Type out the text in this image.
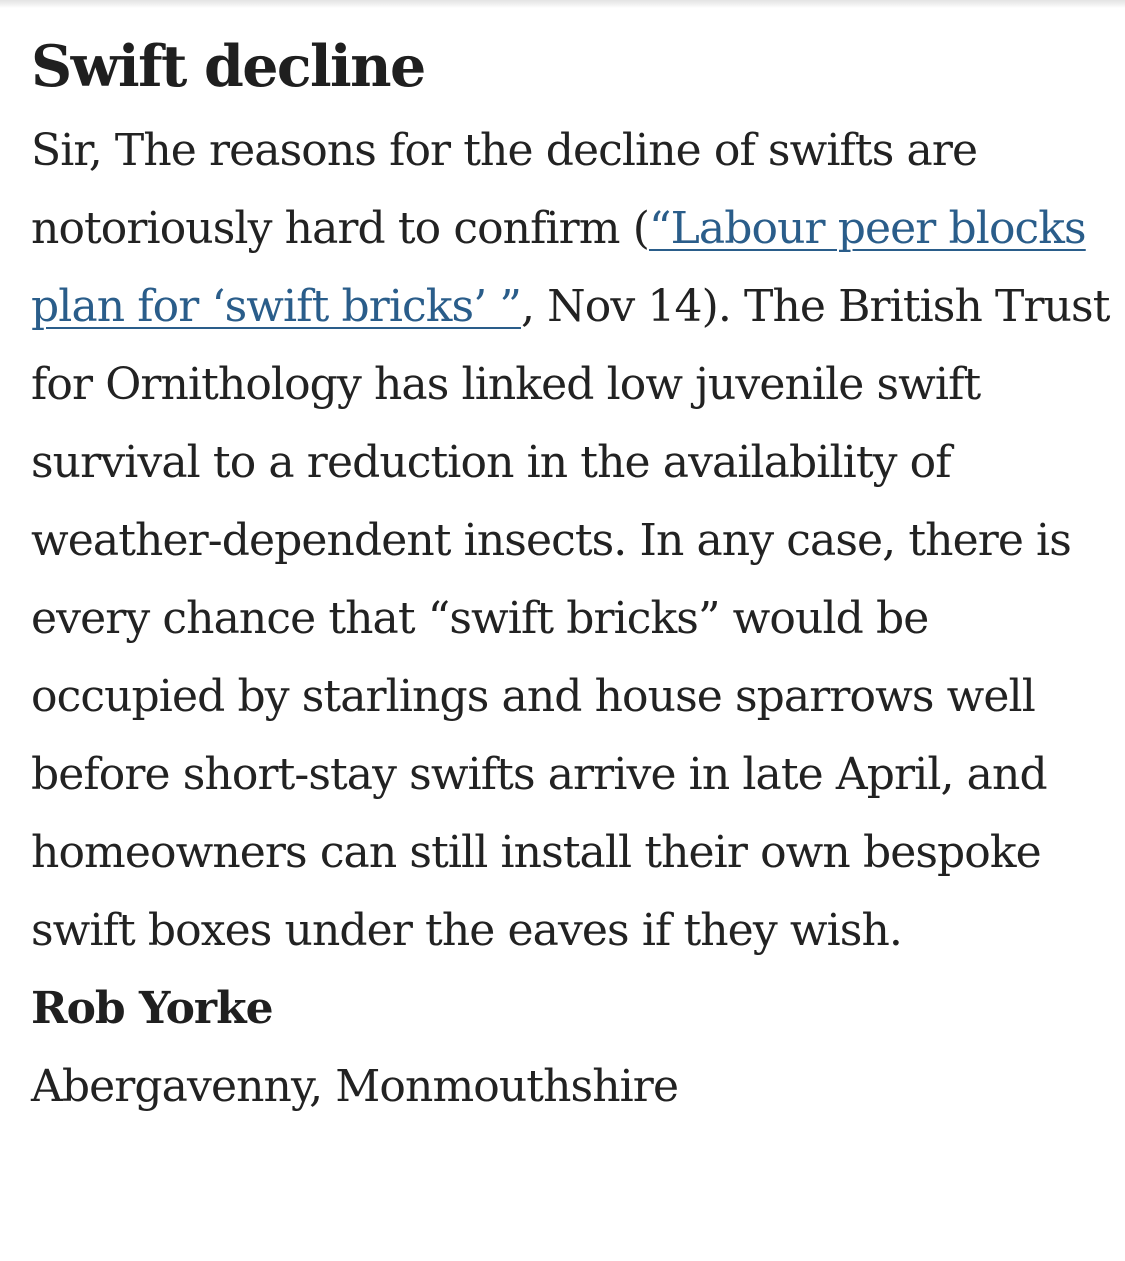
Swift decline

Sir, The reasons for the decline of swifts are notoriously hard to confirm (“Labour peer blocks plan for ‘swift bricks’ ”, Nov 14). The British Trust for Ornithology has linked low juvenile swift survival to a reduction in the availability of weather-dependent insects. In any case, there is every chance that “swift bricks” would be occupied by starlings and house sparrows well before short-stay swifts arrive in late April, and homeowners can still install their own bespoke swift boxes under the eaves if they wish.

Rob Yorke

Abergavenny, Monmouthshire
